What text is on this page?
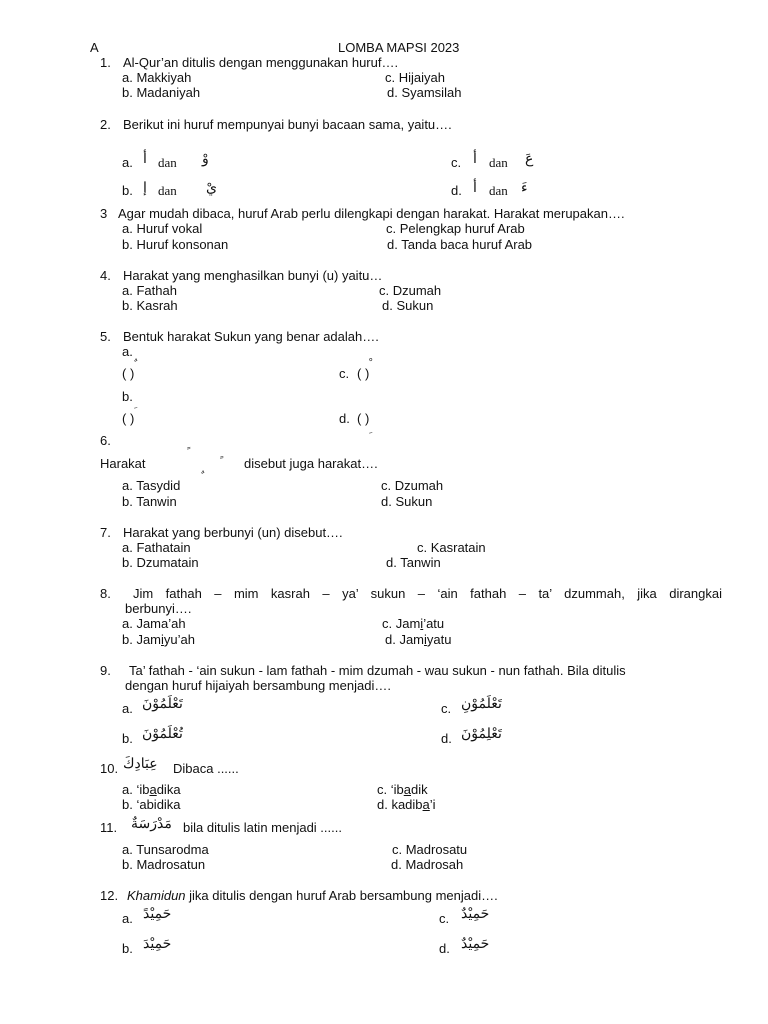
A	LOMBA MAPSI 2023
1. Al-Qur’an ditulis dengan menggunakan huruf….
a. Makkiyah
b. Madaniyah
c. Hijaiyah
d. Syamsilah
2. Berikut ini huruf mempunyai bunyi bacaan sama, yaitu….
a. أ dan وْ
b. إ dan يْ
c. أ dan عَ
d. أ dan ءَ
3 Agar mudah dibaca, huruf Arab perlu dilengkapi dengan harakat. Harakat merupakan….
a. Huruf vokal
b. Huruf konsonan
c. Pelengkap huruf Arab
d. Tanda baca huruf Arab
4. Harakat yang menghasilkan bunyi (u) yaitu…
a. Fathah
b. Kasrah
c. Dzumah
d. Sukun
5. Bentuk harakat Sukun yang benar adalah….
a.
( )
b.
( )
c. ( )
d. ( )
6.
Harakat	disebut juga harakat….
a. Tasydid
b. Tanwin
c. Dzumah
d. Sukun
7. Harakat yang berbunyi (un) disebut….
a. Fathatain
b. Dzumatain
c. Kasratain
d. Tanwin
8. Jim fathah – mim kasrah – ya’ sukun – ‘ain fathah – ta’ dzummah, jika dirangkai
berbunyi….
a. Jama’ah
b. Jamiyu’ah
c. Jami’atu
d. Jamiyatu
9. Ta’ fathah - ‘ain sukun - lam fathah - mim dzumah - wau sukun - nun fathah. Bila ditulis
dengan huruf hijaiyah bersambung menjadi….
a. تَعْلَمُوْنَ
b. تُعْلَمُوْنَ
c. تَعْلَمُوْنِ
d. تَعْلِمُوْنَ
10. عِبَادِكَ Dibaca ......
a. ‘ibadika
b. ‘abidika
c. ‘ibadik
d. kadiba’i
11. مَدْرَسَةٌ bila ditulis latin menjadi ......
a. Tunsarodma
b. Madrosatun
c. Madrosatu
d. Madrosah
12. Khamidun jika ditulis dengan huruf Arab bersambung menjadi….
a. حَمِيْدً
b. حَمِيْدَ
c. حَمِيْدٌ
d. حَمِيْدٌ
